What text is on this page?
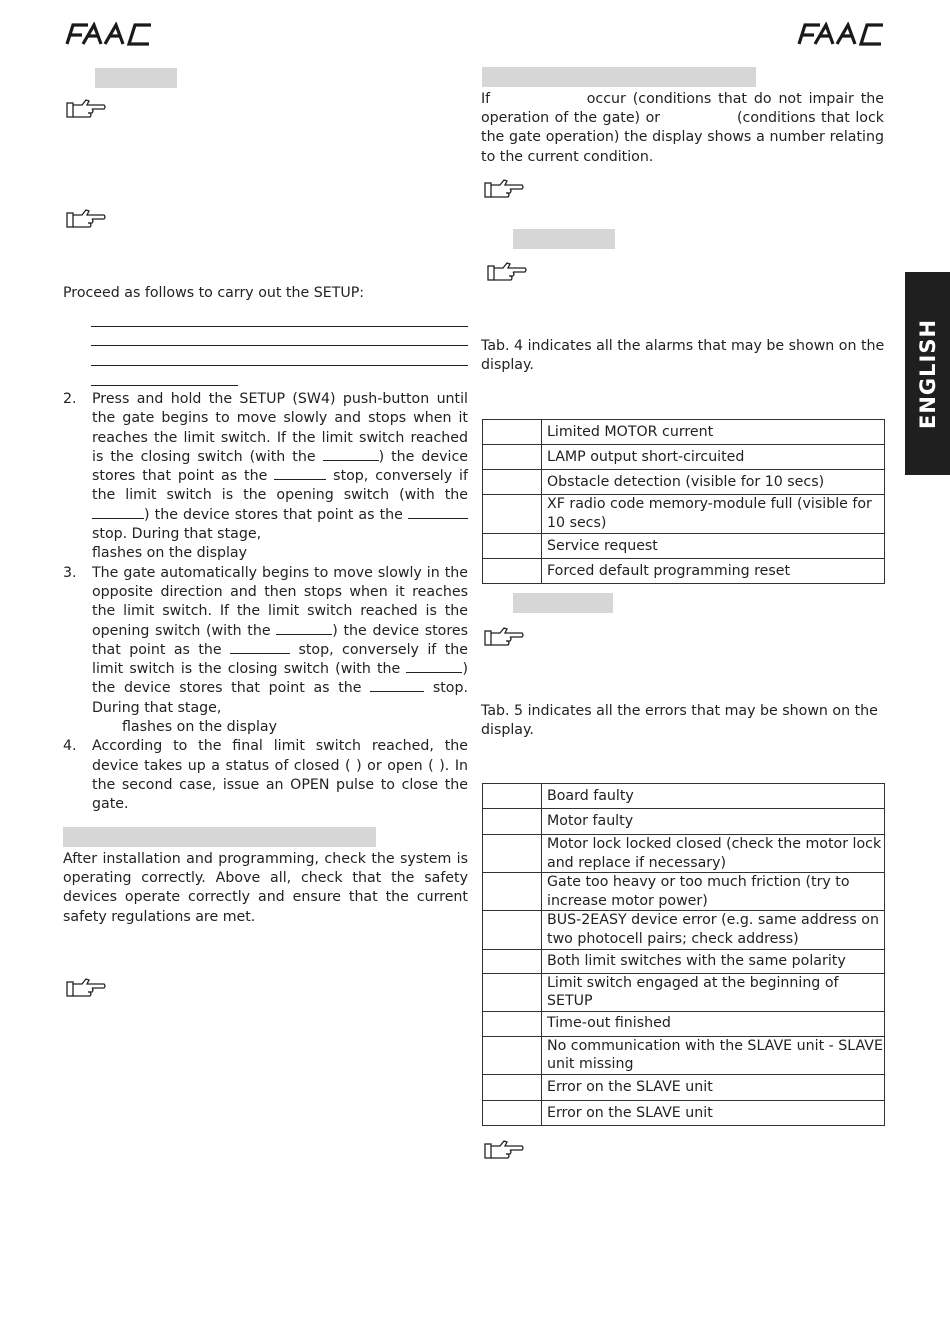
ENGLISH

Proceed as follows to carry out the SETUP:

2. Press and hold the SETUP (SW4) push-button until the gate begins to move slowly and stops when it reaches the limit switch. If the limit switch reached is the closing switch (with the	) the device stores that point as the	stop, conversely if the limit switch is the opening switch (with the ) the device stores that point as the  stop. During that stage,
flashes on the display
3. The gate automatically begins to move slowly in the opposite direction and then stops when it reaches the limit switch. If the limit switch reached is the opening switch (with the	) the device stores that point as the	stop, conversely if the limit switch is the closing switch (with the	) the device stores that point as the	stop. During that stage,
flashes on the display
4. According to the final limit switch reached, the device takes up a status of closed ( ) or open ( ). In the second case, issue an OPEN pulse to close the gate.

After installation and programming, check the system is operating correctly. Above all, check that the safety devices operate correctly and ensure that the current safety regulations are met.

If              occur (conditions that do not impair the operation of the gate) or              (conditions that lock the gate operation) the display shows a number relating to the current condition.

Tab. 4 indicates all the alarms that may be shown on the display.

	Limited MOTOR current
	LAMP output short-circuited
	Obstacle detection (visible for 10 secs)
	XF radio code memory-module full (visible for 10 secs)
	Service request
	Forced default programming reset

Tab. 5 indicates all the errors that may be shown on the display.

	Board faulty
	Motor faulty
	Motor lock locked closed (check the motor lock and replace if necessary)
	Gate too heavy or too much friction (try to increase motor power)
	BUS-2EASY device error (e.g. same address on two photocell pairs; check address)
	Both limit switches with the same polarity
	Limit switch engaged at the beginning of SETUP
	Time-out finished
	No communication with the SLAVE unit - SLAVE unit missing
	Error on the SLAVE unit
	Error on the SLAVE unit
